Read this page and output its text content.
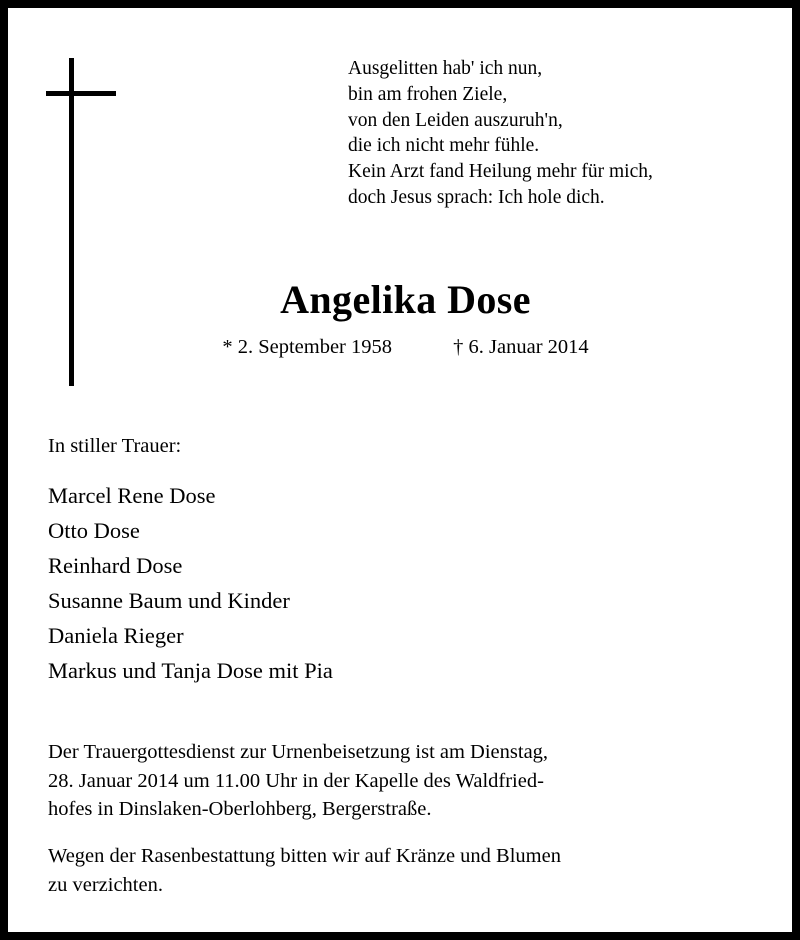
Ausgelitten hab' ich nun,
bin am frohen Ziele,
von den Leiden auszuruh'n,
die ich nicht mehr fühle.
Kein Arzt fand Heilung mehr für mich,
doch Jesus sprach: Ich hole dich.
Angelika Dose
* 2. September 1958	† 6. Januar 2014
In stiller Trauer:
Marcel Rene Dose
Otto Dose
Reinhard Dose
Susanne Baum und Kinder
Daniela Rieger
Markus und Tanja Dose mit Pia
Der Trauergottesdienst zur Urnenbeisetzung ist am Dienstag,
28. Januar 2014 um 11.00 Uhr in der Kapelle des Waldfried-
hofes in Dinslaken-Oberlohberg, Bergerstraße.
Wegen der Rasenbestattung bitten wir auf Kränze und Blumen
zu verzichten.
